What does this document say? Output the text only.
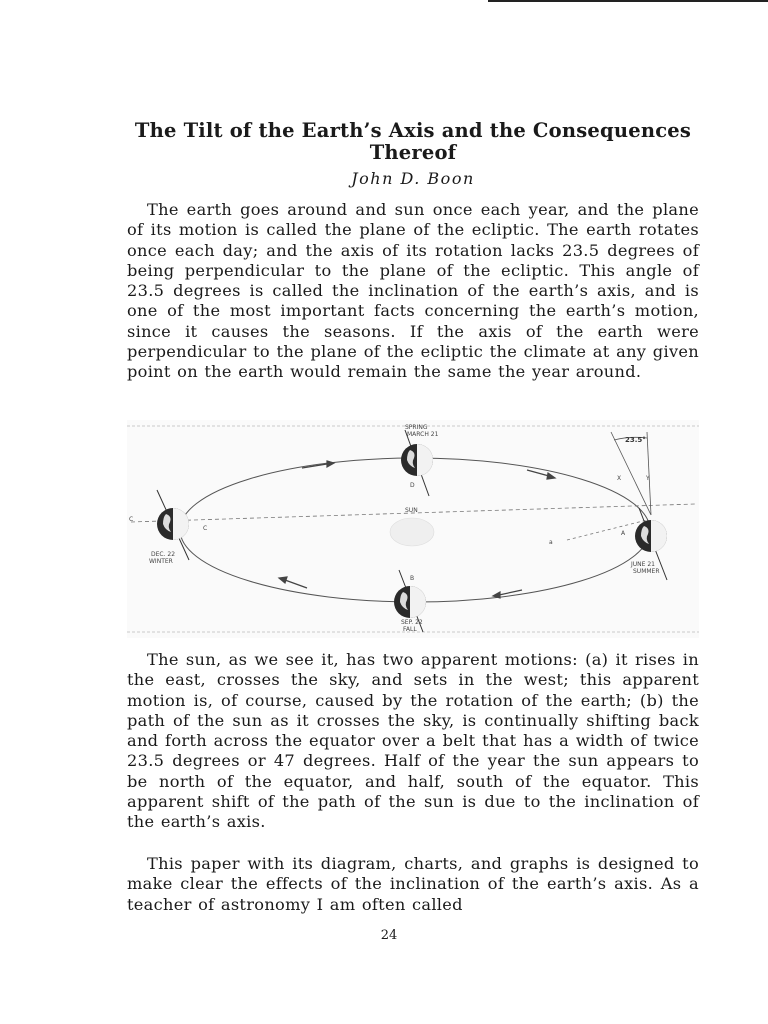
The Tilt of the Earth’s Axis and the Consequences Thereof
John D. Boon

The earth goes around and sun once each year, and the plane of its motion is called the plane of the ecliptic. The earth rotates once each day; and the axis of its rotation lacks 23.5 degrees of being perpendicular to the plane of the ecliptic. This angle of 23.5 degrees is called the inclination of the earth’s axis, and is one of the most important facts concerning the earth’s motion, since it causes the seasons. If the axis of the earth were perpendicular to the plane of the ecliptic the climate at any given point on the earth would remain the same the year around.

SUN
23.5°
X	Y
C
A
B
D
C
a
SPRING
MARCH 21
JUNE 21
SUMMER
SEP. 22
FALL
DEC. 22
WINTER

The sun, as we see it, has two apparent motions: (a) it rises in the east, crosses the sky, and sets in the west; this apparent motion is, of course, caused by the rotation of the earth; (b) the path of the sun as it crosses the sky, is continually shifting back and forth across the equator over a belt that has a width of twice 23.5 degrees or 47 degrees. Half of the year the sun appears to be north of the equator, and half, south of the equator. This apparent shift of the path of the sun is due to the inclination of the earth’s axis.

This paper with its diagram, charts, and graphs is designed to make clear the effects of the inclination of the earth’s axis. As a teacher of astronomy I am often called

24
